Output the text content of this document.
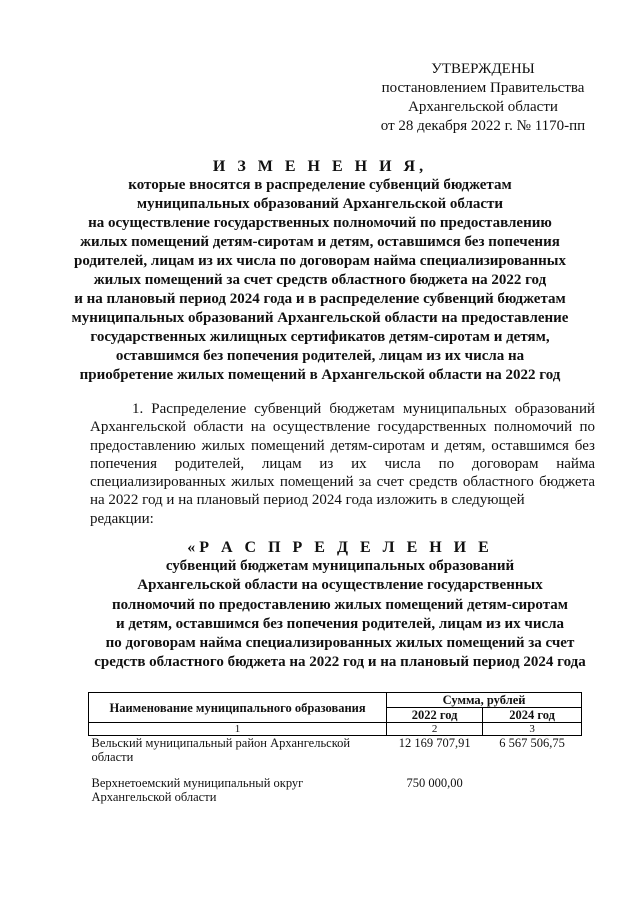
УТВЕРЖДЕНЫ
постановлением Правительства
Архангельской области
от 28 декабря 2022 г. № 1170-пп
И З М Е Н Е Н И Я,
которые вносятся в распределение субвенций бюджетам
муниципальных образований Архангельской области
на осуществление государственных полномочий по предоставлению
жилых помещений детям-сиротам и детям, оставшимся без попечения
родителей, лицам из их числа по договорам найма специализированных
жилых помещений за счет средств областного бюджета на 2022 год
и на плановый период 2024 года и в распределение субвенций бюджетам
муниципальных образований Архангельской области на предоставление
государственных жилищных сертификатов детям-сиротам и детям,
оставшимся без попечения родителей, лицам из их числа на
приобретение жилых помещений в Архангельской области на 2022 год
1. Распределение субвенций бюджетам муниципальных образований Архангельской области на осуществление государственных полномочий по предоставлению жилых помещений детям-сиротам и детям, оставшимся без попечения родителей, лицам из их числа по договорам найма специализированных жилых помещений за счет средств областного бюджета на 2022 год и на плановый период 2024 года изложить в следующей
редакции:
«Р А С П Р Е Д Е Л Е Н И Е
субвенций бюджетам муниципальных образований
Архангельской области на осуществление государственных
полномочий по предоставлению жилых помещений детям-сиротам
и детям, оставшимся без попечения родителей, лицам из их числа
по договорам найма специализированных жилых помещений за счет
средств областного бюджета на 2022 год и на плановый период 2024 года
Наименование муниципального образования	Сумма, рублей	
	2022 год	2024 год
1	2	3
Вельский муниципальный район Архангельской области	12 169 707,91	6 567 506,75
Верхнетоемский муниципальный округ Архангельской области	750 000,00	
